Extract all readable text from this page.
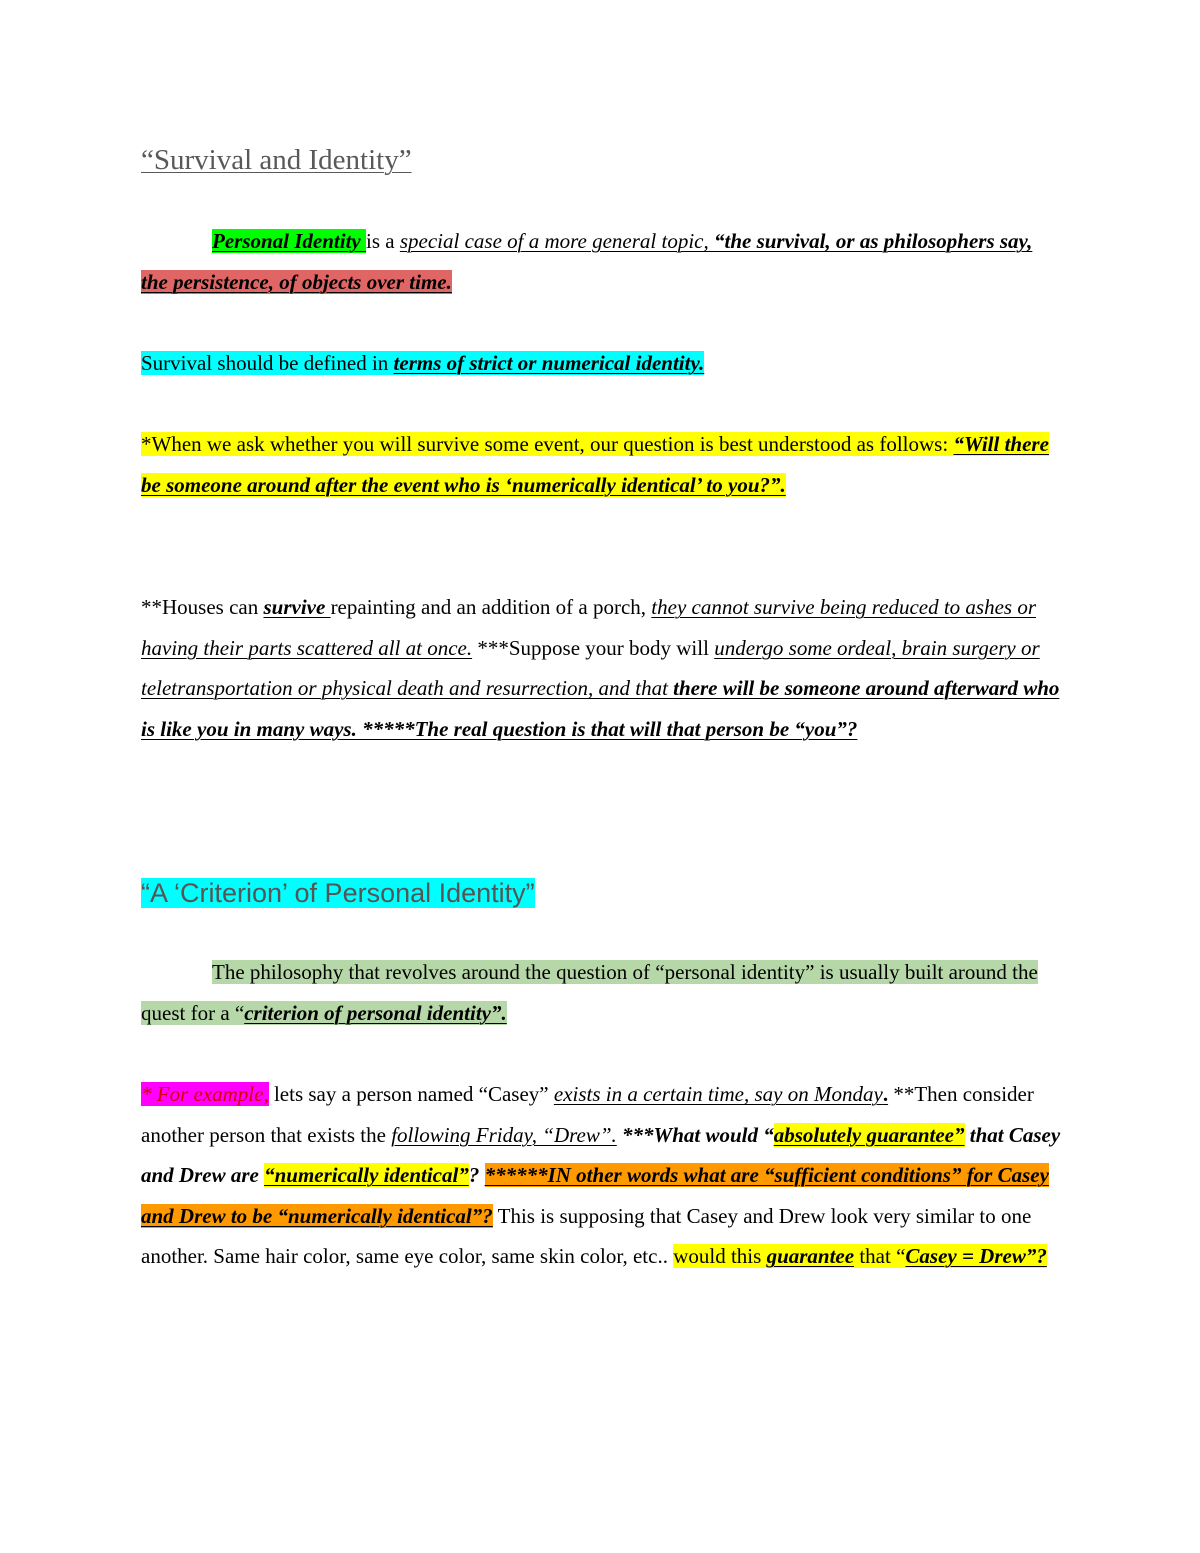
“Survival and Identity”
Personal Identity is a special case of a more general topic, “the survival, or as philosophers say, the persistence, of objects over time.
Survival should be defined in terms of strict or numerical identity.
*When we ask whether you will survive some event, our question is best understood as follows: “Will there be someone around after the event who is ‘numerically identical’ to you?”.
**Houses can survive repainting and an addition of a porch, they cannot survive being reduced to ashes or having their parts scattered all at once. ***Suppose your body will undergo some ordeal, brain surgery or teletransportation or physical death and resurrection, and that there will be someone around afterward who is like you in many ways. *****The real question is that will that person be “you”?
“A ‘Criterion’ of Personal Identity”
The philosophy that revolves around the question of “personal identity” is usually built around the quest for a “criterion of personal identity”.
* For example, lets say a person named “Casey” exists in a certain time, say on Monday. **Then consider another person that exists the following Friday, “Drew”. ***What would “absolutely guarantee” that Casey and Drew are “numerically identical”? ******IN other words what are “sufficient conditions” for Casey and Drew to be “numerically identical”? This is supposing that Casey and Drew look very similar to one another. Same hair color, same eye color, same skin color, etc.. would this guarantee that “Casey = Drew”?
